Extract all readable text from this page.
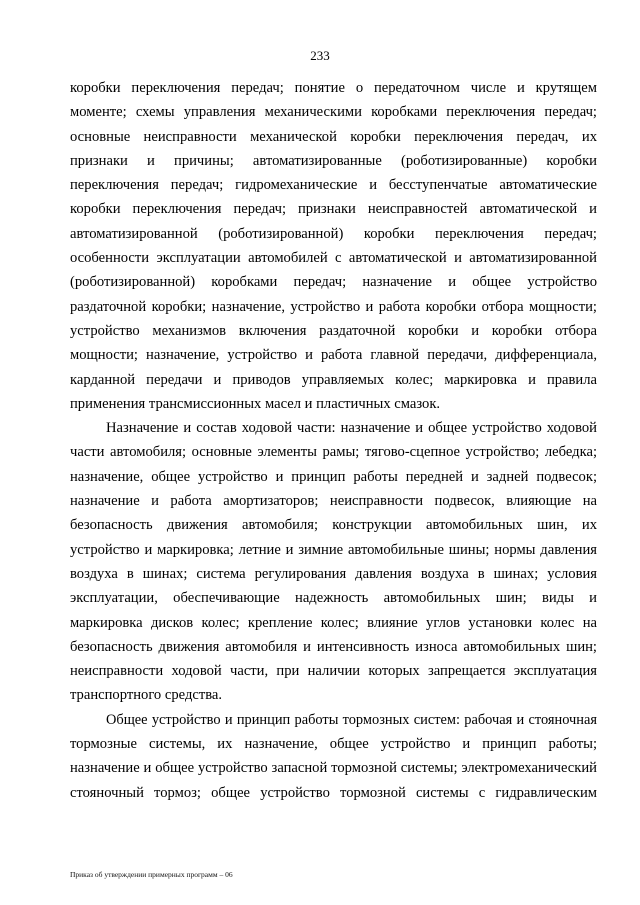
233
коробки переключения передач; понятие о передаточном числе и крутящем
моменте; схемы управления механическими коробками переключения передач;
основные неисправности механической коробки переключения передач, их
признаки и причины; автоматизированные (роботизированные) коробки
переключения передач; гидромеханические и бесступенчатые автоматические
коробки переключения передач; признаки неисправностей автоматической и
автоматизированной (роботизированной) коробки переключения передач;
особенности эксплуатации автомобилей с автоматической и автоматизированной
(роботизированной) коробками передач; назначение и общее устройство
раздаточной коробки; назначение, устройство и работа коробки отбора мощности;
устройство механизмов включения раздаточной коробки и коробки отбора
мощности; назначение, устройство и работа главной передачи, дифференциала,
карданной передачи и приводов управляемых колес; маркировка и правила
применения трансмиссионных масел и пластичных смазок.
Назначение и состав ходовой части: назначение и общее устройство ходовой
части автомобиля; основные элементы рамы; тягово-сцепное устройство; лебедка;
назначение, общее устройство и принцип работы передней и задней подвесок;
назначение и работа амортизаторов; неисправности подвесок, влияющие на
безопасность движения автомобиля; конструкции автомобильных шин, их
устройство и маркировка; летние и зимние автомобильные шины; нормы давления
воздуха в шинах; система регулирования давления воздуха в шинах; условия
эксплуатации, обеспечивающие надежность автомобильных шин; виды и
маркировка дисков колес; крепление колес; влияние углов установки колес на
безопасность движения автомобиля и интенсивность износа автомобильных шин;
неисправности ходовой части, при наличии которых запрещается эксплуатация
транспортного средства.
Общее устройство и принцип работы тормозных систем: рабочая и стояночная
тормозные системы, их назначение, общее устройство и принцип работы;
назначение и общее устройство запасной тормозной системы; электромеханический
стояночный тормоз; общее устройство тормозной системы с гидравлическим
Приказ об утверждении примерных программ – 06
